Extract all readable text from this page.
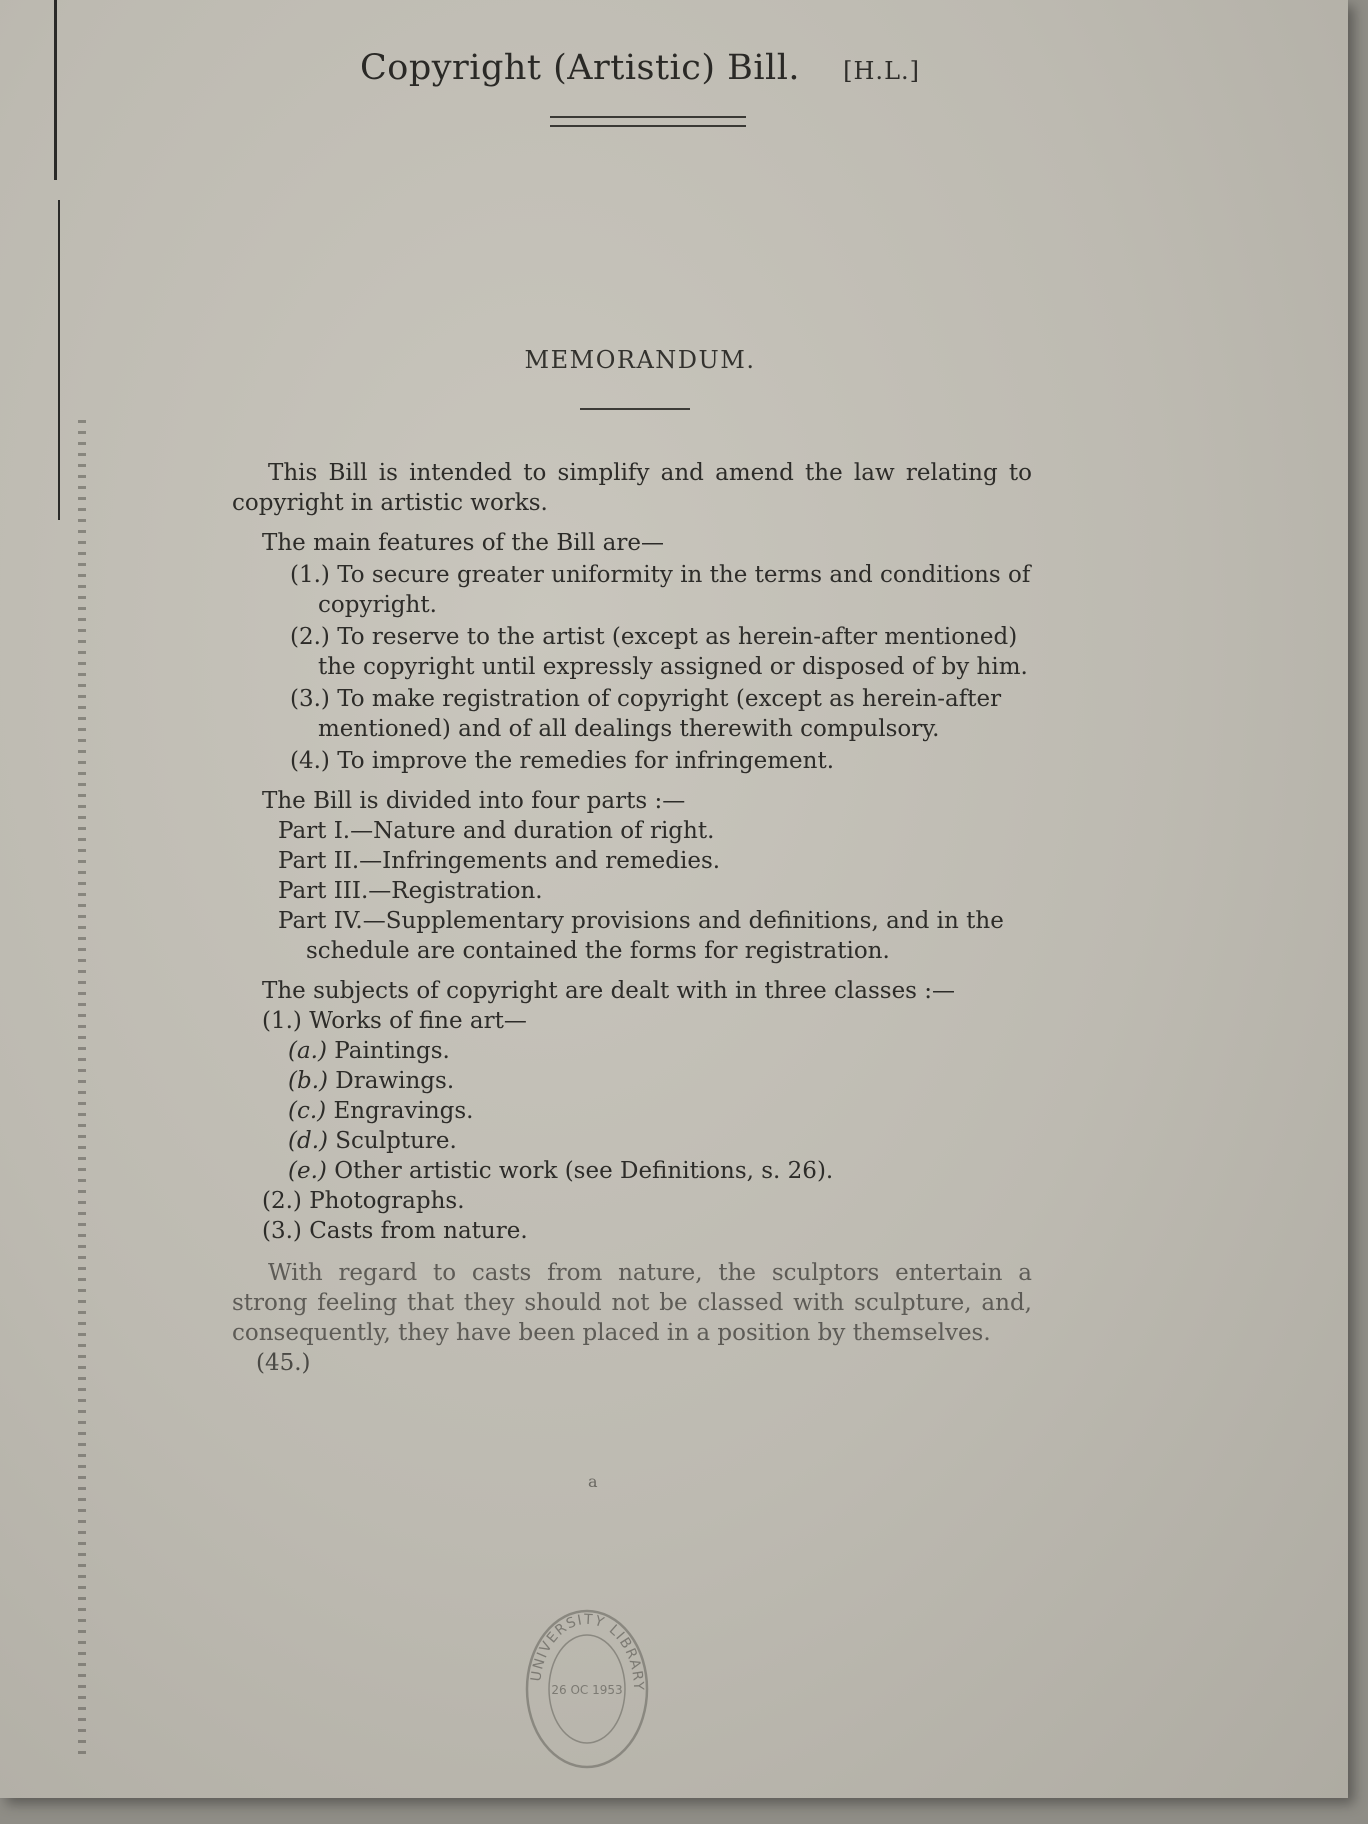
Copyright (Artistic) Bill. [H.L.]
MEMORANDUM.

This Bill is intended to simplify and amend the law relating to copyright in artistic works.

The main features of the Bill are—

(1.) To secure greater uniformity in the terms and conditions of copyright.

(2.) To reserve to the artist (except as herein-after mentioned) the copyright until expressly assigned or disposed of by him.

(3.) To make registration of copyright (except as herein-after mentioned) and of all dealings therewith compulsory.

(4.) To improve the remedies for infringement.

The Bill is divided into four parts :—

Part I.—Nature and duration of right.

Part II.—Infringements and remedies.

Part III.—Registration.

Part IV.—Supplementary provisions and definitions, and in the schedule are contained the forms for registration.

The subjects of copyright are dealt with in three classes :—

(1.) Works of fine art—

(a.) Paintings.

(b.) Drawings.

(c.) Engravings.

(d.) Sculpture.

(e.) Other artistic work (see Definitions, s. 26).

(2.) Photographs.

(3.) Casts from nature.

With regard to casts from nature, the sculptors entertain a strong feeling that they should not be classed with sculpture, and, consequently, they have been placed in a position by themselves.

(45.)

a
UNIVERSITY LIBRARY
26 OC 1953
